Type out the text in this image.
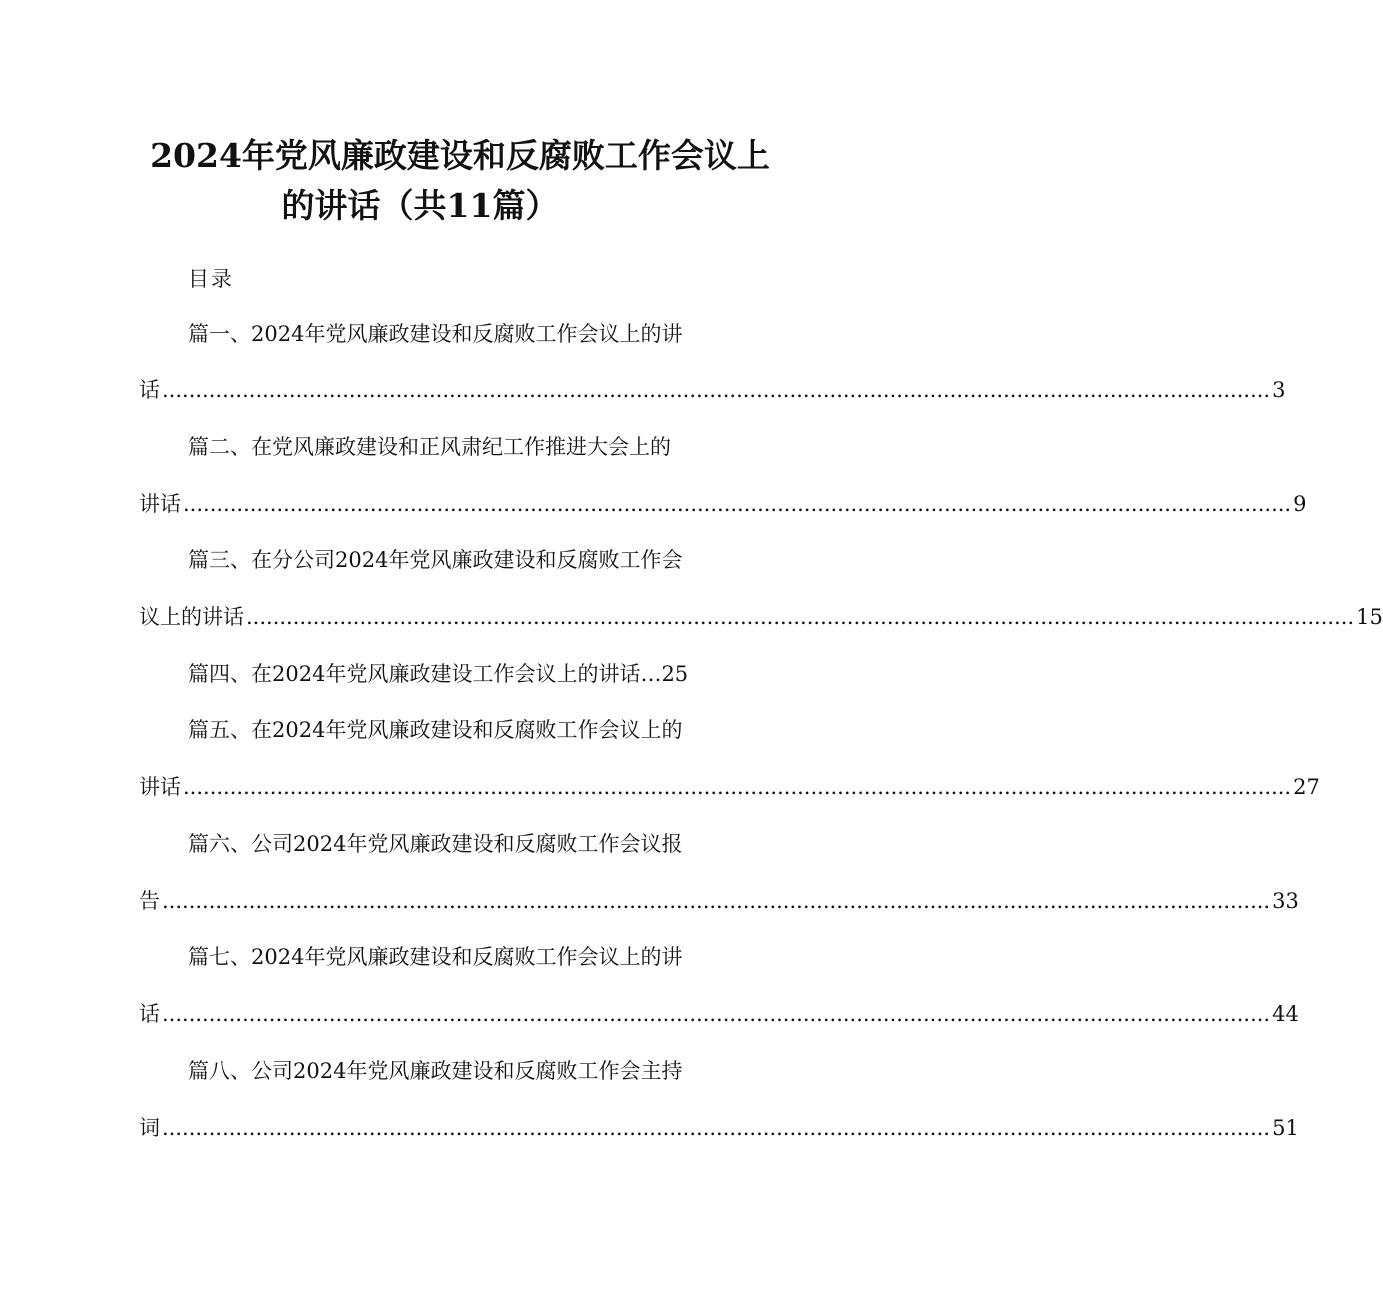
2024年党风廉政建设和反腐败工作会议上
的讲话（共11篇）
目录
篇一、2024年党风廉政建设和反腐败工作会议上的讲
话 ...................................................................................................................................................................... 3
篇二、在党风廉政建设和正风肃纪工作推进大会上的
讲话 ...................................................................................................................................................................... 9
篇三、在分公司2024年党风廉政建设和反腐败工作会
议上的讲话 ...................................................................................................................................................................... 15
篇四、在2024年党风廉政建设工作会议上的讲话…25
篇五、在2024年党风廉政建设和反腐败工作会议上的
讲话 ...................................................................................................................................................................... 27
篇六、公司2024年党风廉政建设和反腐败工作会议报
告 ...................................................................................................................................................................... 33
篇七、2024年党风廉政建设和反腐败工作会议上的讲
话 ...................................................................................................................................................................... 44
篇八、公司2024年党风廉政建设和反腐败工作会主持
词 ...................................................................................................................................................................... 51
